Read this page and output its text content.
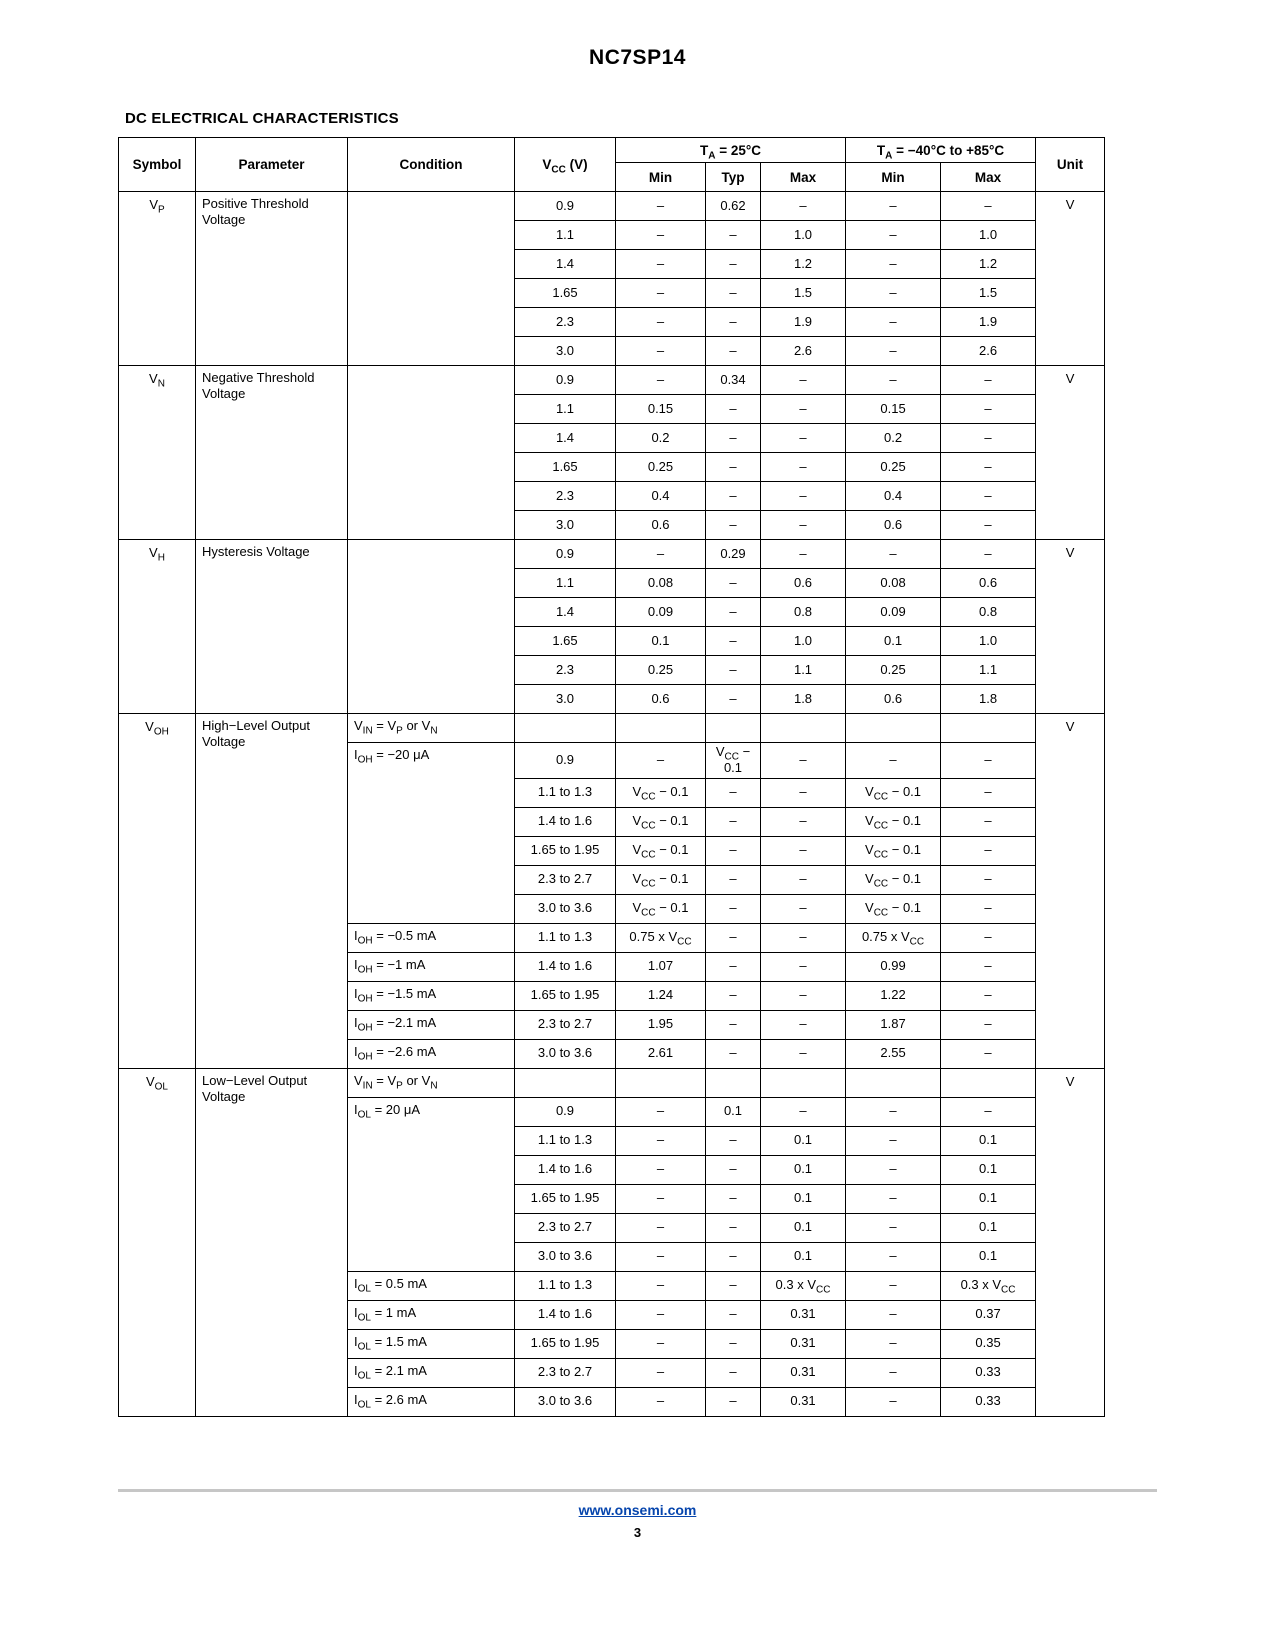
NC7SP14
DC ELECTRICAL CHARACTERISTICS
Symbol	Parameter	Condition	$V_{CC}$ (V)	$T_A = 25^\circ C$			$T_A = -40^\circ C$ to +85°C		Unit
				Min	Typ	Max	Min	Max	
$V_P$	Positive Threshold Voltage		0.9	–	0.62	–	–	–	V
			1.1	–	–	1.0	–	1.0	
			1.4	–	–	1.2	–	1.2	
			1.65	–	–	1.5	–	1.5	
			2.3	–	–	1.9	–	1.9	
			3.0	–	–	2.6	–	2.6	
$V_N$	Negative Threshold Voltage		0.9	–	0.34	–	–	–	V
			1.1	0.15	–	–	0.15	–	
			1.4	0.2	–	–	0.2	–	
			1.65	0.25	–	–	0.25	–	
			2.3	0.4	–	–	0.4	–	
			3.0	0.6	–	–	0.6	–	
$V_H$	Hysteresis Voltage		0.9	–	0.29	–	–	–	V
			1.1	0.08	–	0.6	0.08	0.6	
			1.4	0.09	–	0.8	0.09	0.8	
			1.65	0.1	–	1.0	0.1	1.0	
			2.3	0.25	–	1.1	0.25	1.1	
			3.0	0.6	–	1.8	0.6	1.8	
$V_{OH}$	High−Level Output Voltage	$V_{IN} = V_P$ or $V_N$							V
		$I_{OH} = -20$ μA	0.9	–	$V_{CC} - 0.1$	–	–	–	
			1.1 to 1.3	$V_{CC} - 0.1$	–	–	$V_{CC} - 0.1$	–	
			1.4 to 1.6	$V_{CC} - 0.1$	–	–	$V_{CC} - 0.1$	–	
			1.65 to 1.95	$V_{CC} - 0.1$	–	–	$V_{CC} - 0.1$	–	
			2.3 to 2.7	$V_{CC} - 0.1$	–	–	$V_{CC} - 0.1$	–	
			3.0 to 3.6	$V_{CC} - 0.1$	–	–	$V_{CC} - 0.1$	–	
		$I_{OH} = -0.5$ mA	1.1 to 1.3	0.75 x $V_{CC}$	–	–	0.75 x $V_{CC}$	–	
		$I_{OH} = -1$ mA	1.4 to 1.6	1.07	–	–	0.99	–	
		$I_{OH} = -1.5$ mA	1.65 to 1.95	1.24	–	–	1.22	–	
		$I_{OH} = -2.1$ mA	2.3 to 2.7	1.95	–	–	1.87	–	
		$I_{OH} = -2.6$ mA	3.0 to 3.6	2.61	–	–	2.55	–	
$V_{OL}$	Low−Level Output Voltage	$V_{IN} = V_P$ or $V_N$							V
		$I_{OL} = 20$ μA	0.9	–	0.1	–	–	–	
			1.1 to 1.3	–	–	0.1	–	0.1	
			1.4 to 1.6	–	–	0.1	–	0.1	
			1.65 to 1.95	–	–	0.1	–	0.1	
			2.3 to 2.7	–	–	0.1	–	0.1	
			3.0 to 3.6	–	–	0.1	–	0.1	
		$I_{OL} = 0.5$ mA	1.1 to 1.3	–	–	0.3 x $V_{CC}$	–	0.3 x $V_{CC}$
		$I_{OL} = 1$ mA	1.4 to 1.6	–	–	0.31	–	0.37	
		$I_{OL} = 1.5$ mA	1.65 to 1.95	–	–	0.31	–	0.35	
		$I_{OL} = 2.1$ mA	2.3 to 2.7	–	–	0.31	–	0.33	
		$I_{OL} = 2.6$ mA	3.0 to 3.6	–	–	0.31	–	0.33	
www.onsemi.com
3
